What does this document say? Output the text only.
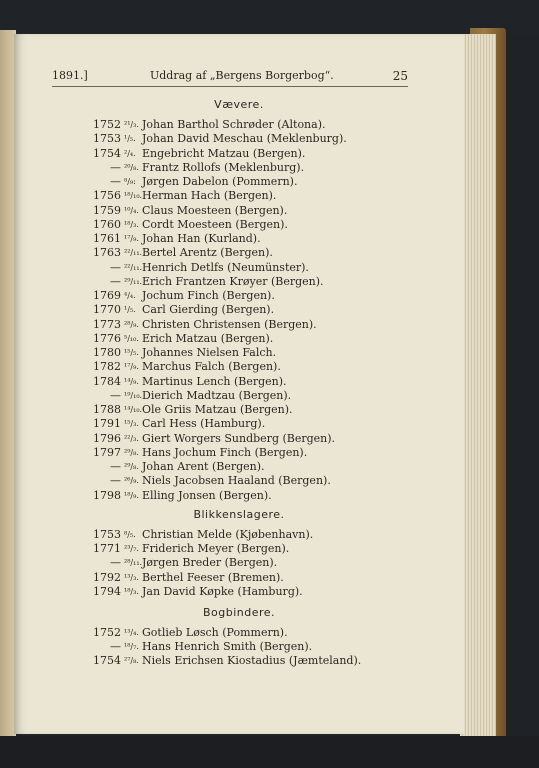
1891.]	Uddrag af „Bergens Borgerbog“.	25
Vævere.
1752 ²¹/₃. Johan Barthol Schrøder (Altona).
1753 ¹/₅. Johan David Meschau (Meklenburg).
1754 ²/₄. Engebricht Matzau (Bergen).
— ²⁰/₈. Frantz Rollofs (Meklenburg).
— ⁸/₉: Jørgen Dabelon (Pommern).
1756 ¹⁸/₁₀. Herman Hach (Bergen).
1759 ¹⁰/₄. Claus Moesteen (Bergen).
1760 ¹⁸/₃. Cordt Moesteen (Bergen).
1761 ¹⁷/₉. Johan Han (Kurland).
1763 ²²/₁₁. Bertel Arentz (Bergen).
— ²²/₁₁. Henrich Detlfs (Neumünster).
— ²⁹/₁₁. Erich Frantzen Krøyer (Bergen).
1769 ⁴/₄. Jochum Finch (Bergen).
1770 ¹/₅. Carl Gierding (Bergen).
1773 ²⁸/₉. Christen Christensen (Bergen).
1776 ⁵/₁₀. Erich Matzau (Bergen).
1780 ¹⁵/₅. Johannes Nielsen Falch.
1782 ¹⁷/₉. Marchus Falch (Bergen).
1784 ¹⁴/₉. Martinus Lench (Bergen).
— ¹⁹/₁₀. Dierich Madtzau (Bergen).
1788 ¹⁴/₁₀. Ole Griis Matzau (Bergen).
1791 ¹⁵/₃. Carl Hess (Hamburg).
1796 ²²/₃. Giert Worgers Sundberg (Bergen).
1797 ²⁹/₈. Hans Jochum Finch (Bergen).
— ²⁹/₈. Johan Arent (Bergen).
— ²⁶/₉. Niels Jacobsen Haaland (Bergen).
1798 ¹⁸/₉. Elling Jonsen (Bergen).
Blikkenslagere.
1753 ⁸/₅. Christian Melde (Kjøbenhavn).
1771 ²³/₇. Friderich Meyer (Bergen).
— ²⁸/₁₁. Jørgen Breder (Bergen).
1792 ¹³/₃. Berthel Feeser (Bremen).
1794 ¹⁸/₃. Jan David Køpke (Hamburg).
Bogbindere.
1752 ¹³/₄. Gotlieb Løsch (Pommern).
— ¹⁸/₇. Hans Henrich Smith (Bergen).
1754 ²⁷/₈. Niels Erichsen Kiostadius (Jæmteland).
